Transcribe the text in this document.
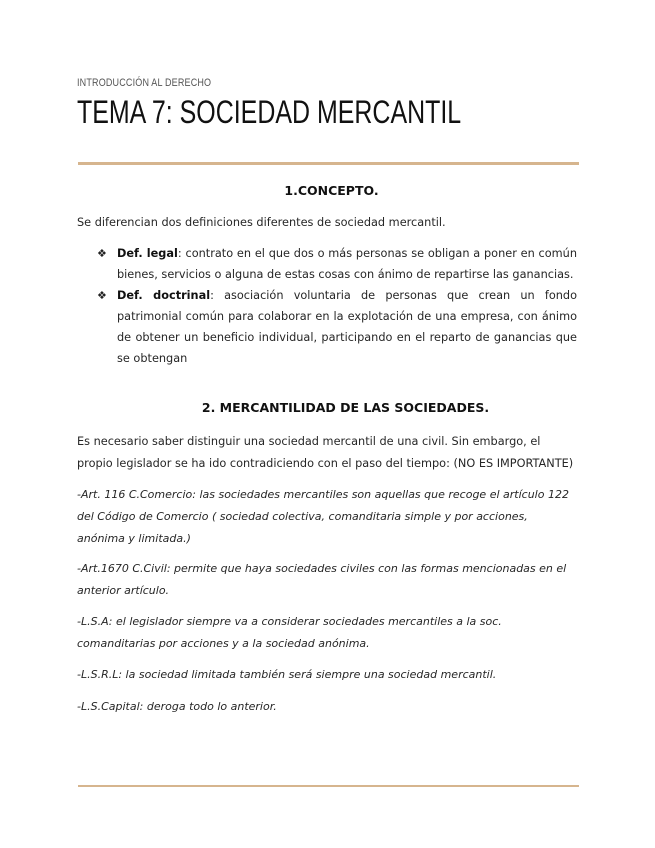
INTRODUCCIÓN AL DERECHO
TEMA 7: SOCIEDAD MERCANTIL
1.CONCEPTO.

Se diferencian dos definiciones diferentes de sociedad mercantil.

❖ Def. legal: contrato en el que dos o más personas se obligan a poner en común bienes, servicios o alguna de estas cosas con ánimo de repartirse las ganancias.
❖ Def. doctrinal: asociación voluntaria de personas que crean un fondo patrimonial común para colaborar en la explotación de una empresa, con ánimo de obtener un beneficio individual, participando en el reparto de ganancias que se obtengan
2. MERCANTILIDAD DE LAS SOCIEDADES.

Es necesario saber distinguir una sociedad mercantil de una civil. Sin embargo, el propio legislador se ha ido contradiciendo con el paso del tiempo: (NO ES IMPORTANTE)

-Art. 116 C.Comercio: las sociedades mercantiles son aquellas que recoge el artículo 122 del Código de Comercio ( sociedad colectiva, comanditaria simple y por acciones, anónima y limitada.)

-Art.1670 C.Civil: permite que haya sociedades civiles con las formas mencionadas en el anterior artículo.

-L.S.A: el legislador siempre va a considerar sociedades mercantiles a la soc. comanditarias por acciones y a la sociedad anónima.

-L.S.R.L: la sociedad limitada también será siempre una sociedad mercantil.

-L.S.Capital: deroga todo lo anterior.
